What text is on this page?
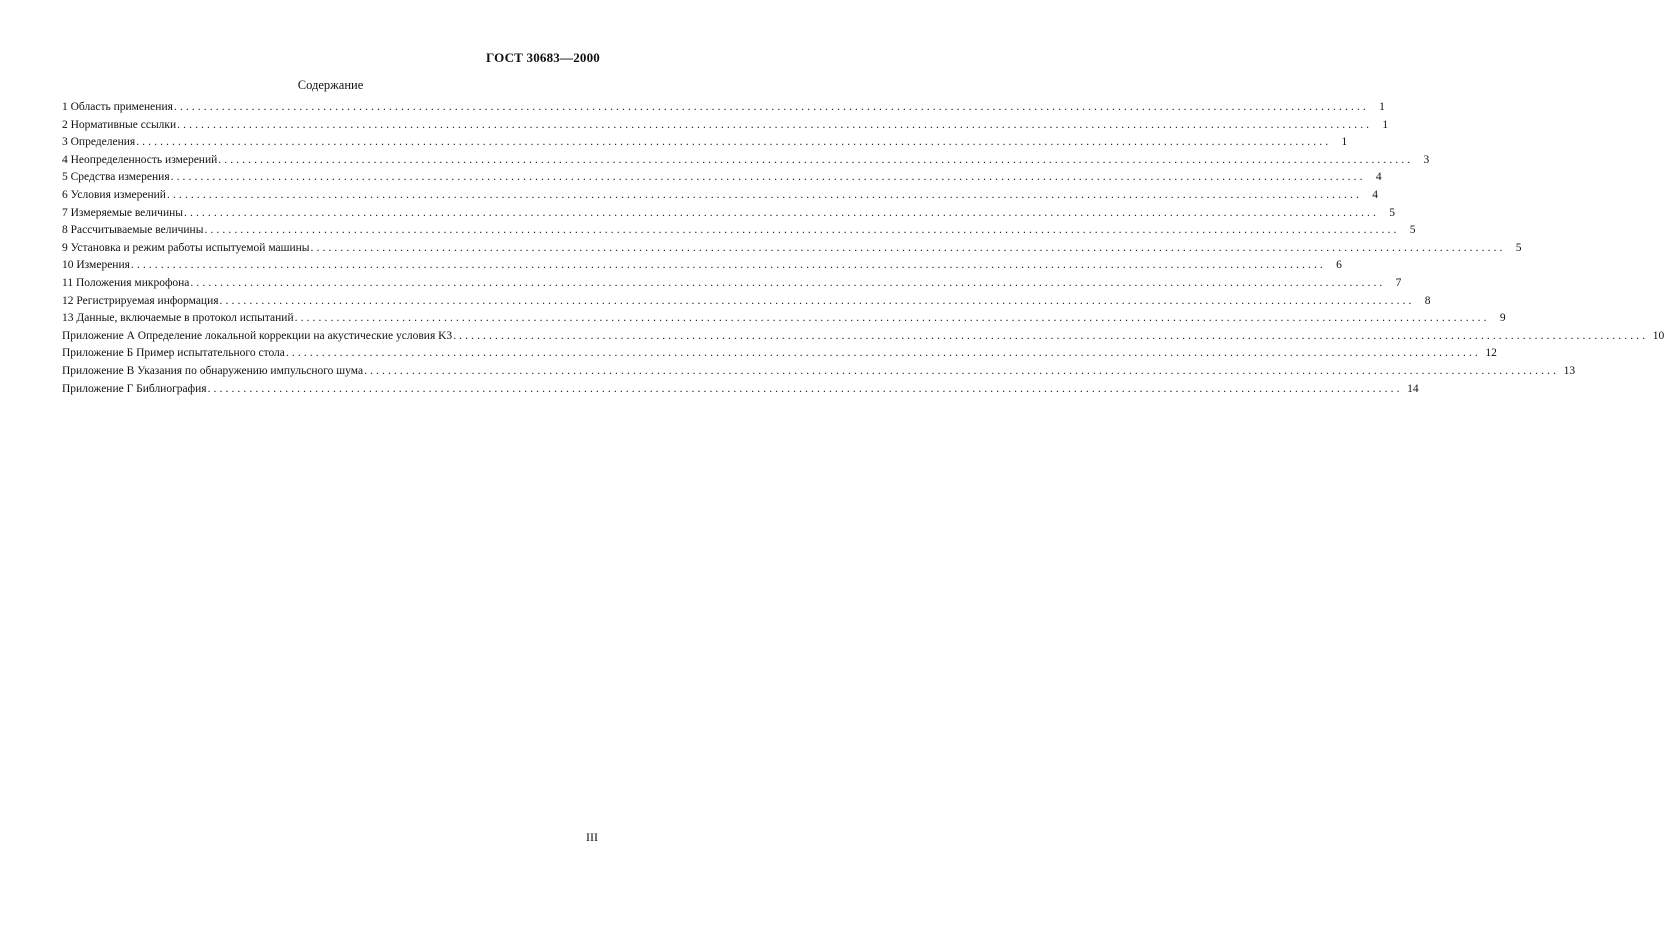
ГОСТ 30683—2000
Содержание
1 Область применения ........................................................................................................................................................................................................ 1
2 Нормативные ссылки ........................................................................................................................................................................................................ 1
3 Определения ........................................................................................................................................................................................................ 1
4 Неопределенность измерений ........................................................................................................................................................................................................ 3
5 Средства измерения ........................................................................................................................................................................................................ 4
6 Условия измерений ........................................................................................................................................................................................................ 4
7 Измеряемые величины ........................................................................................................................................................................................................ 5
8 Рассчитываемые величины ........................................................................................................................................................................................................ 5
9 Установка и режим работы испытуемой машины ........................................................................................................................................................................................................ 5
10 Измерения ........................................................................................................................................................................................................ 6
11 Положения микрофона ........................................................................................................................................................................................................ 7
12 Регистрируемая информация ........................................................................................................................................................................................................ 8
13 Данные, включаемые в протокол испытаний ........................................................................................................................................................................................................ 9
Приложение А Определение локальной коррекции на акустические условия K3 ........................................................................................................................................................................................................ 10
Приложение Б Пример испытательного стола ........................................................................................................................................................................................................ 12
Приложение В Указания по обнаружению импульсного шума ........................................................................................................................................................................................................ 13
Приложение Г Библиография ........................................................................................................................................................................................................ 14
III
